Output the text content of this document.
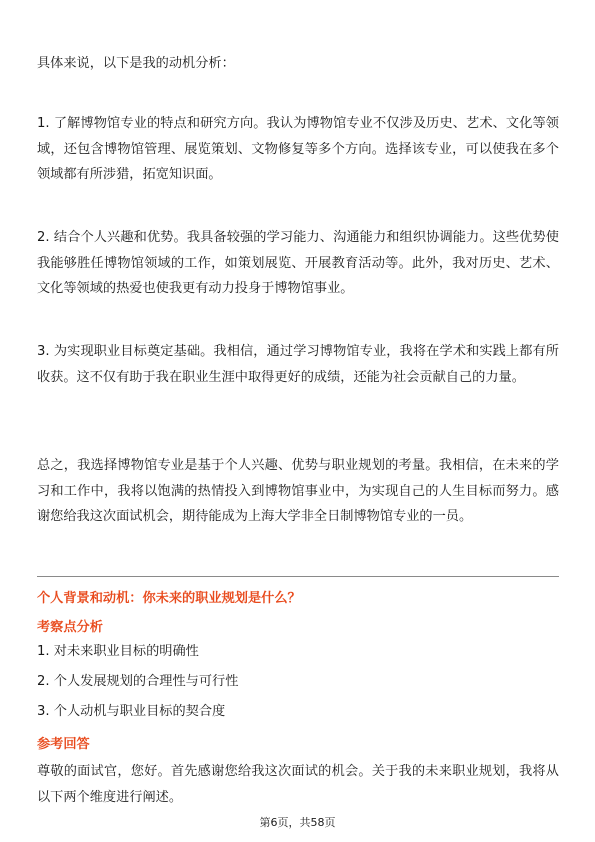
具体来说，以下是我的动机分析：

1. 了解博物馆专业的特点和研究方向。我认为博物馆专业不仅涉及历史、艺术、文化等领域，还包含博物馆管理、展览策划、文物修复等多个方向。选择该专业，可以使我在多个领域都有所涉猎，拓宽知识面。

2. 结合个人兴趣和优势。我具备较强的学习能力、沟通能力和组织协调能力。这些优势使我能够胜任博物馆领域的工作，如策划展览、开展教育活动等。此外，我对历史、艺术、文化等领域的热爱也使我更有动力投身于博物馆事业。

3. 为实现职业目标奠定基础。我相信，通过学习博物馆专业，我将在学术和实践上都有所收获。这不仅有助于我在职业生涯中取得更好的成绩，还能为社会贡献自己的力量。

总之，我选择博物馆专业是基于个人兴趣、优势与职业规划的考量。我相信，在未来的学习和工作中，我将以饱满的热情投入到博物馆事业中，为实现自己的人生目标而努力。感谢您给我这次面试机会，期待能成为上海大学非全日制博物馆专业的一员。

个人背景和动机：你未来的职业规划是什么？

考察点分析

1. 对未来职业目标的明确性
2. 个人发展规划的合理性与可行性
3. 个人动机与职业目标的契合度

参考回答

尊敬的面试官，您好。首先感谢您给我这次面试的机会。关于我的未来职业规划，我将从以下两个维度进行阐述。

第6页，共58页
